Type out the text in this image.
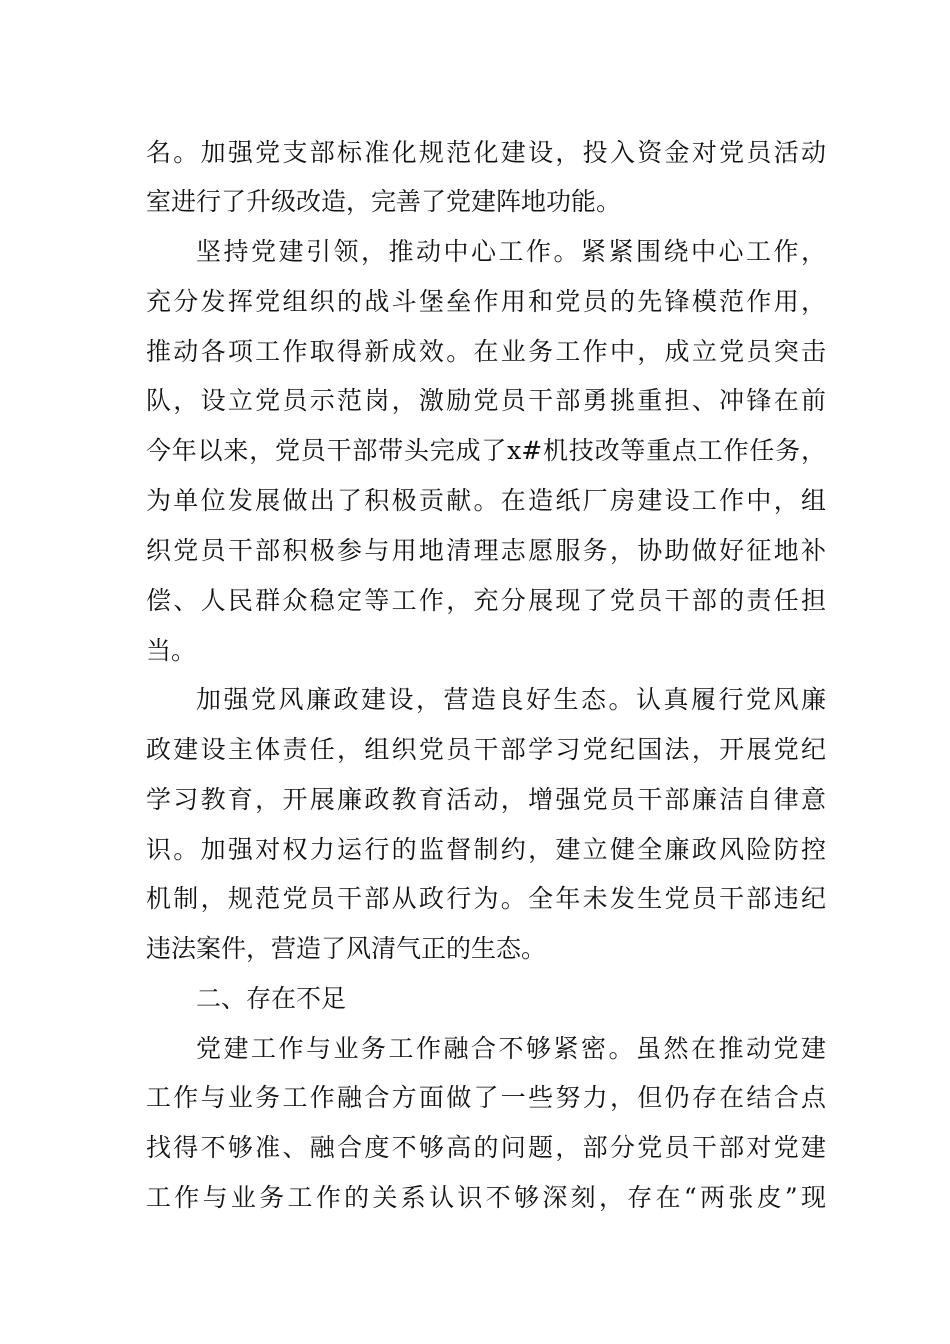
名。加强党支部标准化规范化建设，投入资金对党员活动
室进行了升级改造，完善了党建阵地功能。
坚持党建引领，推动中心工作。紧紧围绕中心工作，
充分发挥党组织的战斗堡垒作用和党员的先锋模范作用，
推动各项工作取得新成效。在业务工作中，成立党员突击
队，设立党员示范岗，激励党员干部勇挑重担、冲锋在前
今年以来，党员干部带头完成了x#机技改等重点工作任务，
为单位发展做出了积极贡献。在造纸厂房建设工作中，组
织党员干部积极参与用地清理志愿服务，协助做好征地补
偿、人民群众稳定等工作，充分展现了党员干部的责任担
当。
加强党风廉政建设，营造良好生态。认真履行党风廉
政建设主体责任，组织党员干部学习党纪国法，开展党纪
学习教育，开展廉政教育活动，增强党员干部廉洁自律意
识。加强对权力运行的监督制约，建立健全廉政风险防控
机制，规范党员干部从政行为。全年未发生党员干部违纪
违法案件，营造了风清气正的生态。
二、存在不足
党建工作与业务工作融合不够紧密。虽然在推动党建
工作与业务工作融合方面做了一些努力，但仍存在结合点
找得不够准、融合度不够高的问题，部分党员干部对党建
工作与业务工作的关系认识不够深刻，存在“两张皮”现
